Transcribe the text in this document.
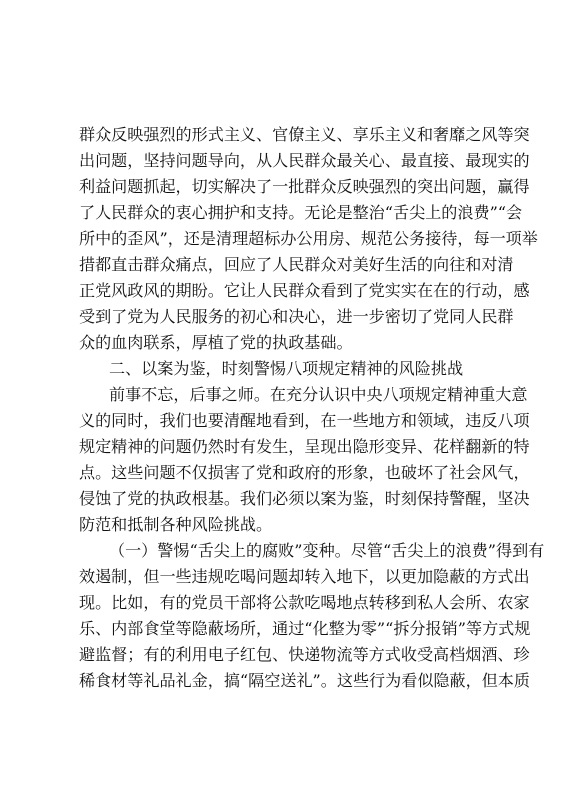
群众反映强烈的形式主义、官僚主义、享乐主义和奢靡之风等突
出问题，坚持问题导向，从人民群众最关心、最直接、最现实的
利益问题抓起，切实解决了一批群众反映强烈的突出问题，赢得
了人民群众的衷心拥护和支持。无论是整治“舌尖上的浪费”“会
所中的歪风”，还是清理超标办公用房、规范公务接待，每一项举
措都直击群众痛点，回应了人民群众对美好生活的向往和对清
正党风政风的期盼。它让人民群众看到了党实实在在的行动，感
受到了党为人民服务的初心和决心，进一步密切了党同人民群
众的血肉联系，厚植了党的执政基础。
二、以案为鉴，时刻警惕八项规定精神的风险挑战
前事不忘，后事之师。在充分认识中央八项规定精神重大意
义的同时，我们也要清醒地看到，在一些地方和领域，违反八项
规定精神的问题仍然时有发生，呈现出隐形变异、花样翻新的特
点。这些问题不仅损害了党和政府的形象，也破坏了社会风气，
侵蚀了党的执政根基。我们必须以案为鉴，时刻保持警醒，坚决
防范和抵制各种风险挑战。
（一）警惕“舌尖上的腐败”变种。尽管“舌尖上的浪费”得到有
效遏制，但一些违规吃喝问题却转入地下，以更加隐蔽的方式出
现。比如，有的党员干部将公款吃喝地点转移到私人会所、农家
乐、内部食堂等隐蔽场所，通过“化整为零”“拆分报销”等方式规
避监督；有的利用电子红包、快递物流等方式收受高档烟酒、珍
稀食材等礼品礼金，搞“隔空送礼”。这些行为看似隐蔽，但本质
